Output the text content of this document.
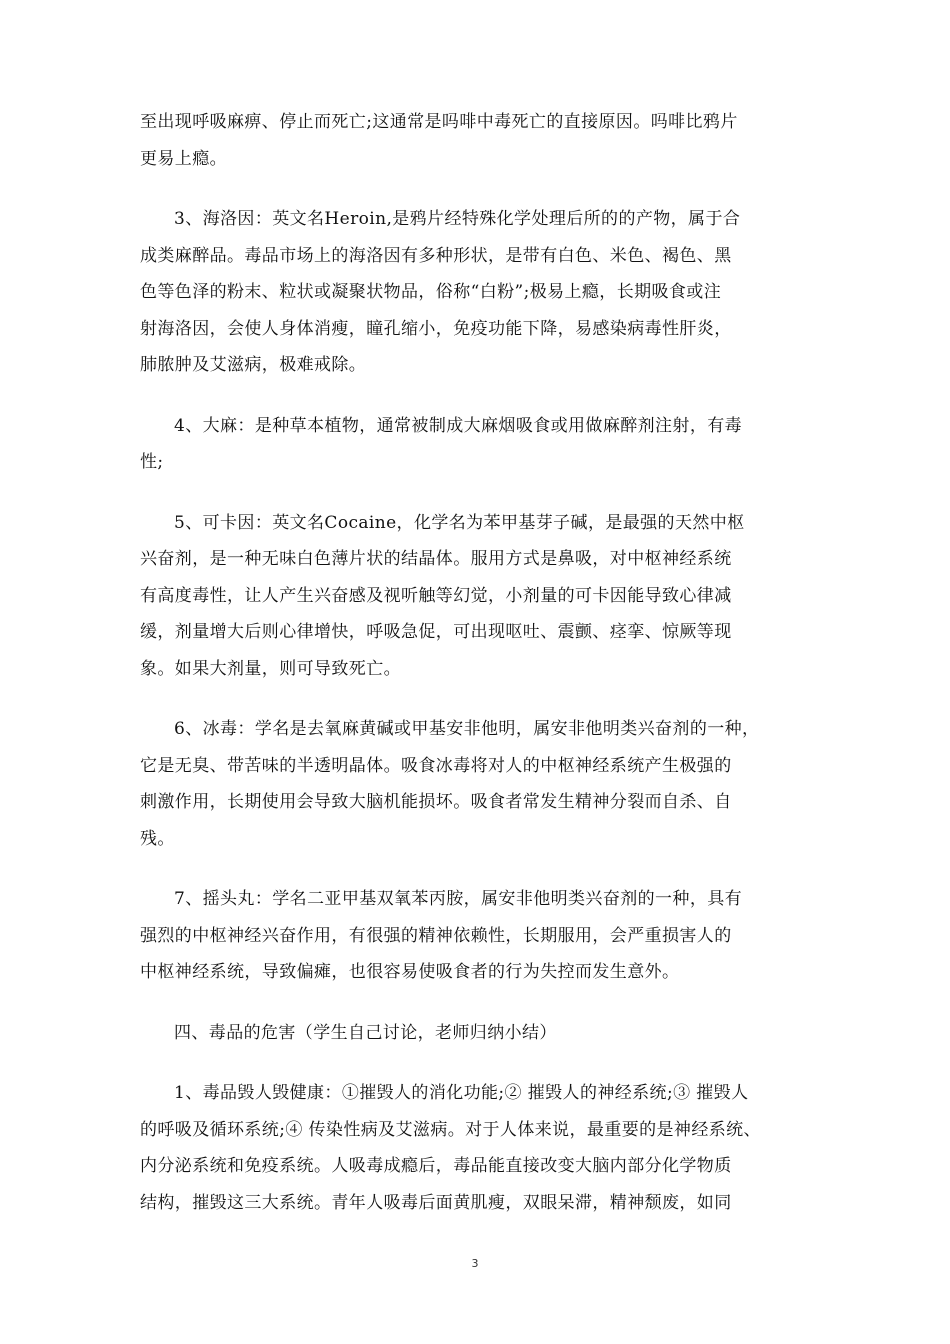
至出现呼吸麻痹、停止而死亡;这通常是吗啡中毒死亡的直接原因。吗啡比鸦片
更易上瘾。

3、海洛因：英文名Heroin,是鸦片经特殊化学处理后所的的产物，属于合
成类麻醉品。毒品市场上的海洛因有多种形状，是带有白色、米色、褐色、黑
色等色泽的粉末、粒状或凝聚状物品，俗称“白粉”;极易上瘾，长期吸食或注
射海洛因，会使人身体消瘦，瞳孔缩小，免疫功能下降，易感染病毒性肝炎，
肺脓肿及艾滋病，极难戒除。

4、大麻：是种草本植物，通常被制成大麻烟吸食或用做麻醉剂注射，有毒
性;

5、可卡因：英文名Cocaine，化学名为苯甲基芽子碱，是最强的天然中枢
兴奋剂，是一种无味白色薄片状的结晶体。服用方式是鼻吸，对中枢神经系统
有高度毒性，让人产生兴奋感及视听触等幻觉，小剂量的可卡因能导致心律减
缓，剂量增大后则心律增快，呼吸急促，可出现呕吐、震颤、痉挛、惊厥等现
象。如果大剂量，则可导致死亡。

6、冰毒：学名是去氧麻黄碱或甲基安非他明，属安非他明类兴奋剂的一种，
它是无臭、带苦味的半透明晶体。吸食冰毒将对人的中枢神经系统产生极强的
刺激作用，长期使用会导致大脑机能损坏。吸食者常发生精神分裂而自杀、自
残。

7、摇头丸：学名二亚甲基双氧苯丙胺，属安非他明类兴奋剂的一种，具有
强烈的中枢神经兴奋作用，有很强的精神依赖性，长期服用，会严重损害人的
中枢神经系统，导致偏瘫，也很容易使吸食者的行为失控而发生意外。

四、毒品的危害（学生自己讨论，老师归纳小结）

1、毒品毁人毁健康：①摧毁人的消化功能;② 摧毁人的神经系统;③ 摧毁人
的呼吸及循环系统;④ 传染性病及艾滋病。对于人体来说，最重要的是神经系统、
内分泌系统和免疫系统。人吸毒成瘾后，毒品能直接改变大脑内部分化学物质
结构，摧毁这三大系统。青年人吸毒后面黄肌瘦，双眼呆滞，精神颓废，如同

3
